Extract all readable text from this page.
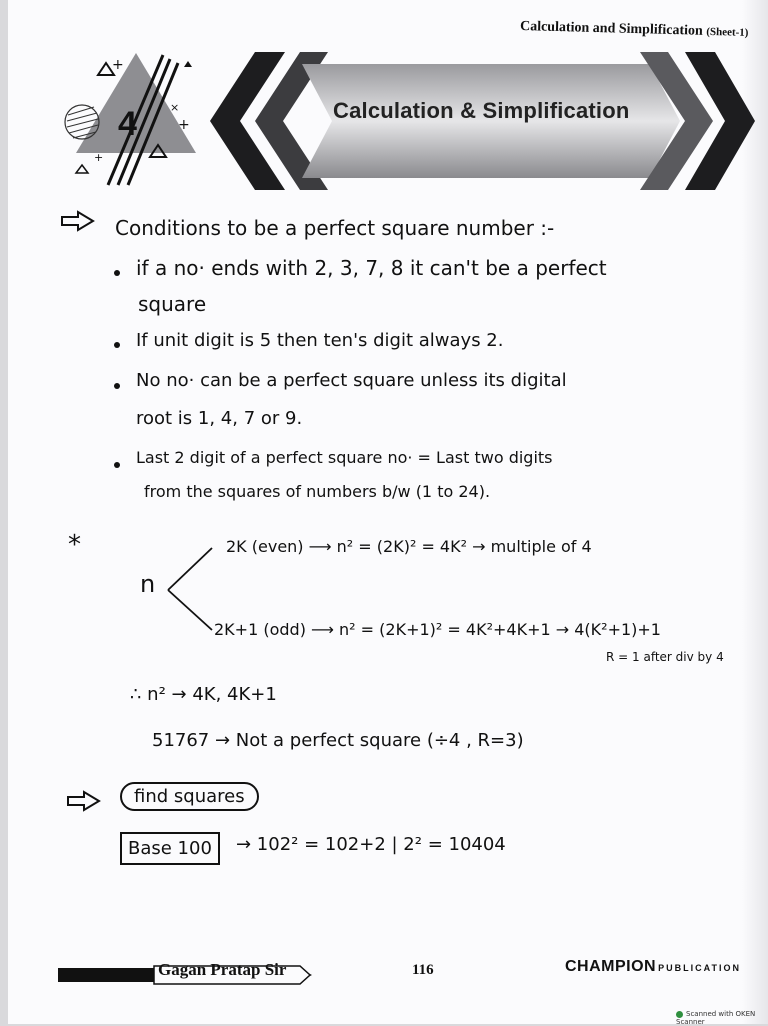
Calculation and Simplification (Sheet-1)
+
+
×
+
4	Calculation & Simplification
Conditions to be a perfect square number :-
if a no· ends with 2, 3, 7, 8 it can't be a perfect
square
If unit digit is 5 then ten's digit always 2.
No no· can be a perfect square unless its digital
root is 1, 4, 7 or 9.
Last 2 digit of a perfect square no· = Last two digits
from the squares of numbers b/w (1 to 24).
*
n
2K (even) ⟶ n² = (2K)² = 4K² → multiple of 4
2K+1 (odd) ⟶ n² = (2K+1)² = 4K²+4K+1 → 4(K²+1)+1
R = 1 after div by 4
∴ n² → 4K, 4K+1
51767 → Not a perfect square (÷4 , R=3)
find squares
Base 100	→ 102² = 102+2 | 2² = 10404
Gagan Pratap Sir	116	CHAMPION PUBLICATION
Scanned with OKEN Scanner
